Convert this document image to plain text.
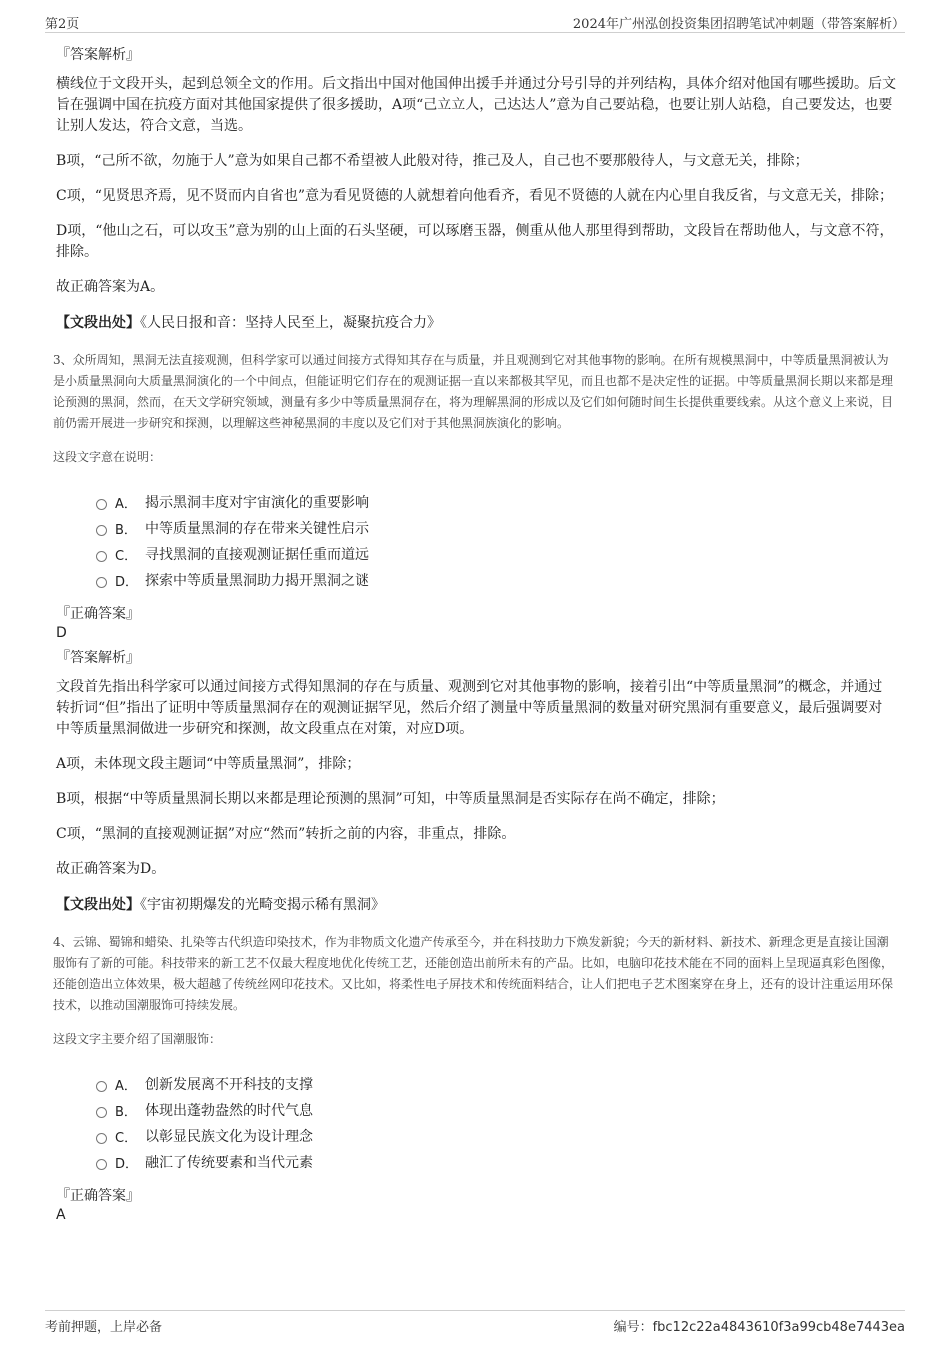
第2页	2024年广州泓创投资集团招聘笔试冲刺题（带答案解析）
『答案解析』

横线位于文段开头，起到总领全文的作用。后文指出中国对他国伸出援手并通过分号引导的并列结构，具体介绍对他国有哪些援助。后文旨在强调中国在抗疫方面对其他国家提供了很多援助，A项“己立立人，己达达人”意为自己要站稳，也要让别人站稳，自己要发达，也要让别人发达，符合文意，当选。

B项，“己所不欲，勿施于人”意为如果自己都不希望被人此般对待，推己及人，自己也不要那般待人，与文意无关，排除；

C项，“见贤思齐焉，见不贤而内自省也”意为看见贤德的人就想着向他看齐，看见不贤德的人就在内心里自我反省，与文意无关，排除；

D项，“他山之石，可以攻玉”意为别的山上面的石头坚硬，可以琢磨玉器，侧重从他人那里得到帮助，文段旨在帮助他人，与文意不符，排除。

故正确答案为A。

【文段出处】《人民日报和音：坚持人民至上，凝聚抗疫合力》
3、众所周知，黑洞无法直接观测，但科学家可以通过间接方式得知其存在与质量，并且观测到它对其他事物的影响。在所有规模黑洞中，中等质量黑洞被认为是小质量黑洞向大质量黑洞演化的一个中间点，但能证明它们存在的观测证据一直以来都极其罕见，而且也都不是决定性的证据。中等质量黑洞长期以来都是理论预测的黑洞，然而，在天文学研究领域，测量有多少中等质量黑洞存在，将为理解黑洞的形成以及它们如何随时间生长提供重要线索。从这个意义上来说，目前仍需开展进一步研究和探测，以理解这些神秘黑洞的丰度以及它们对于其他黑洞族演化的影响。
这段文字意在说明：
A． 揭示黑洞丰度对宇宙演化的重要影响
B． 中等质量黑洞的存在带来关键性启示
C． 寻找黑洞的直接观测证据任重而道远
D． 探索中等质量黑洞助力揭开黑洞之谜
『正确答案』
D
『答案解析』

文段首先指出科学家可以通过间接方式得知黑洞的存在与质量、观测到它对其他事物的影响，接着引出“中等质量黑洞”的概念，并通过转折词“但”指出了证明中等质量黑洞存在的观测证据罕见，然后介绍了测量中等质量黑洞的数量对研究黑洞有重要意义，最后强调要对中等质量黑洞做进一步研究和探测，故文段重点在对策，对应D项。

A项，未体现文段主题词“中等质量黑洞”，排除；

B项，根据“中等质量黑洞长期以来都是理论预测的黑洞”可知，中等质量黑洞是否实际存在尚不确定，排除；

C项，“黑洞的直接观测证据”对应“然而”转折之前的内容，非重点，排除。

故正确答案为D。

【文段出处】《宇宙初期爆发的光畸变揭示稀有黑洞》
4、云锦、蜀锦和蜡染、扎染等古代织造印染技术，作为非物质文化遗产传承至今，并在科技助力下焕发新貌；今天的新材料、新技术、新理念更是直接让国潮服饰有了新的可能。科技带来的新工艺不仅最大程度地优化传统工艺，还能创造出前所未有的产品。比如，电脑印花技术能在不同的面料上呈现逼真彩色图像，还能创造出立体效果，极大超越了传统丝网印花技术。又比如，将柔性电子屏技术和传统面料结合，让人们把电子艺术图案穿在身上，还有的设计注重运用环保技术，以推动国潮服饰可持续发展。
这段文字主要介绍了国潮服饰：
A． 创新发展离不开科技的支撑
B． 体现出蓬勃盎然的时代气息
C． 以彰显民族文化为设计理念
D． 融汇了传统要素和当代元素
『正确答案』
A
考前押题，上岸必备	编号：fbc12c22a4843610f3a99cb48e7443ea
